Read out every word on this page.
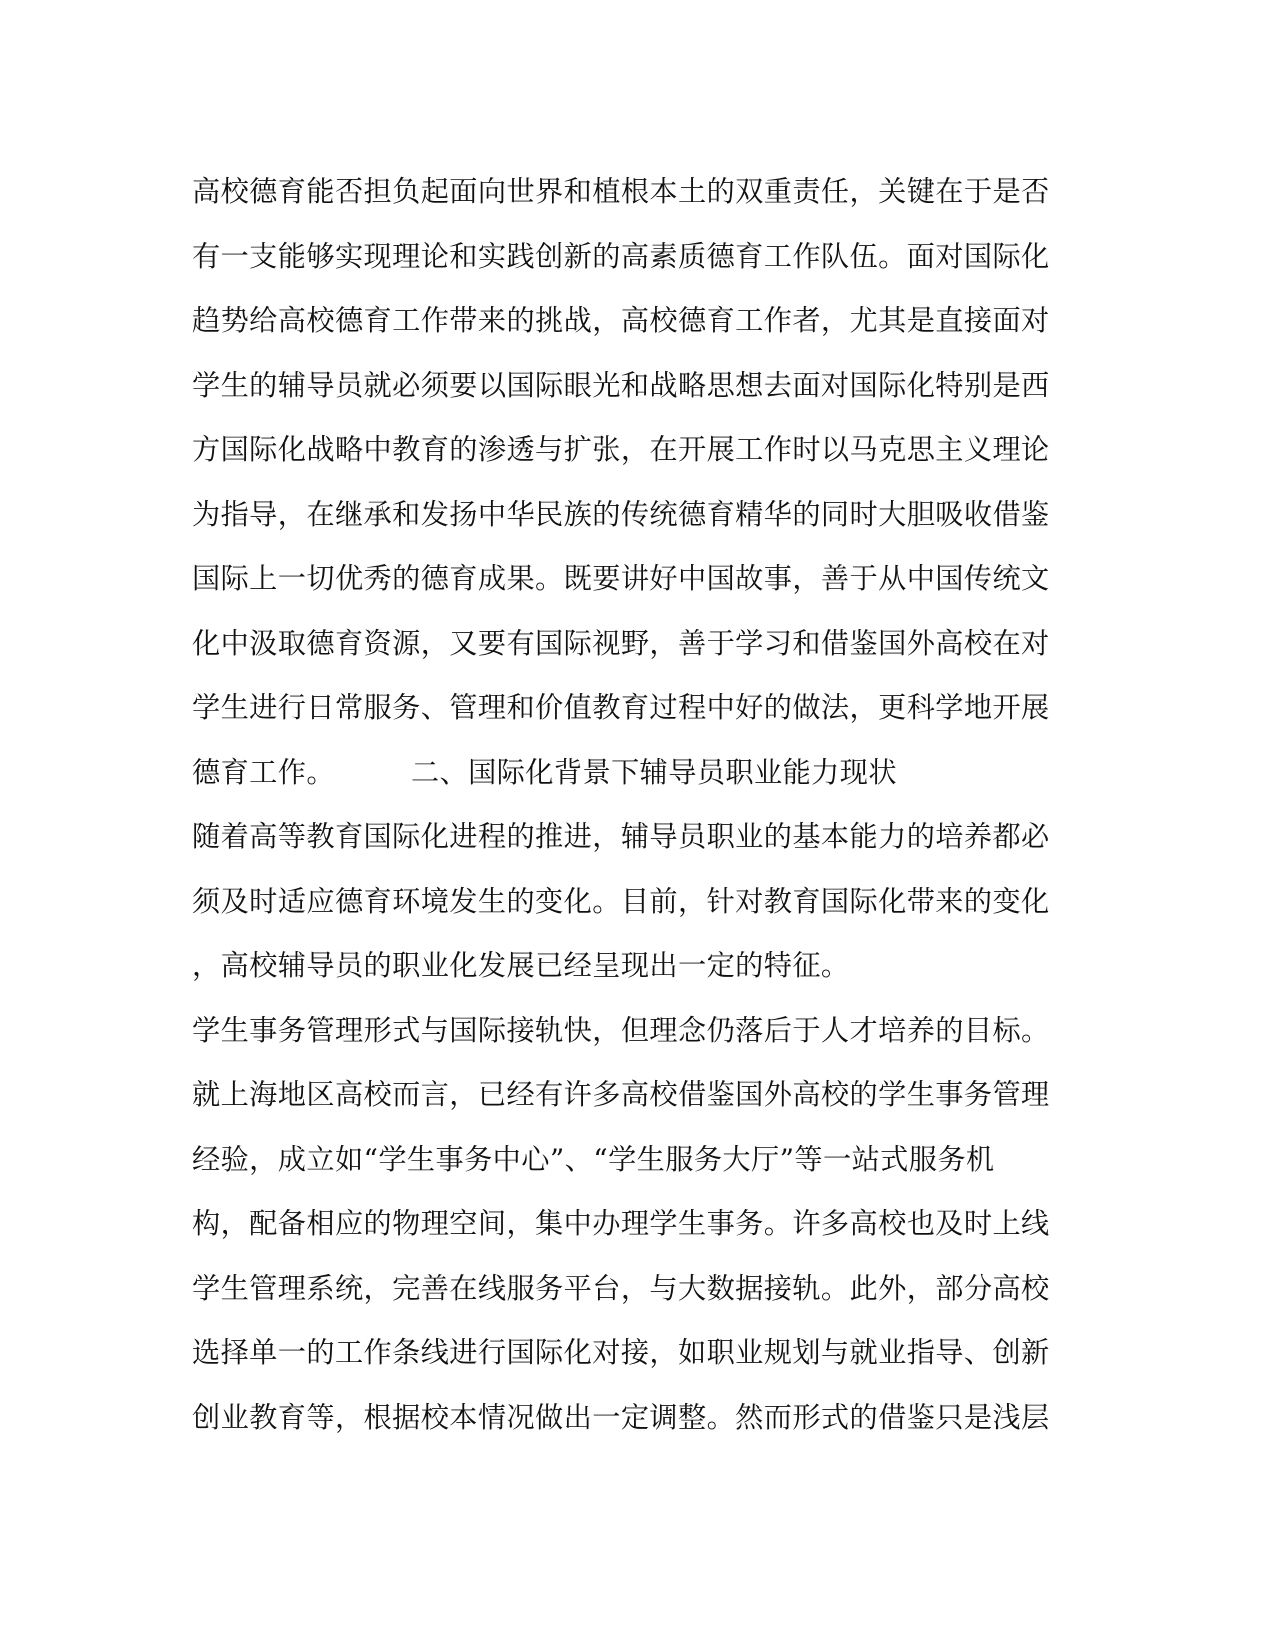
高校德育能否担负起面向世界和植根本土的双重责任，关键在于是否
有一支能够实现理论和实践创新的高素质德育工作队伍。面对国际化
趋势给高校德育工作带来的挑战，高校德育工作者，尤其是直接面对
学生的辅导员就必须要以国际眼光和战略思想去面对国际化特别是西
方国际化战略中教育的渗透与扩张，在开展工作时以马克思主义理论
为指导，在继承和发扬中华民族的传统德育精华的同时大胆吸收借鉴
国际上一切优秀的德育成果。既要讲好中国故事，善于从中国传统文
化中汲取德育资源，又要有国际视野，善于学习和借鉴国外高校在对
学生进行日常服务、管理和价值教育过程中好的做法，更科学地开展
德育工作。	二、国际化背景下辅导员职业能力现状
随着高等教育国际化进程的推进，辅导员职业的基本能力的培养都必
须及时适应德育环境发生的变化。目前，针对教育国际化带来的变化
，高校辅导员的职业化发展已经呈现出一定的特征。
学生事务管理形式与国际接轨快，但理念仍落后于人才培养的目标。
就上海地区高校而言，已经有许多高校借鉴国外高校的学生事务管理
经验，成立如“学生事务中心”、“学生服务大厅”等一站式服务机
构，配备相应的物理空间，集中办理学生事务。许多高校也及时上线
学生管理系统，完善在线服务平台，与大数据接轨。此外，部分高校
选择单一的工作条线进行国际化对接，如职业规划与就业指导、创新
创业教育等，根据校本情况做出一定调整。然而形式的借鉴只是浅层
